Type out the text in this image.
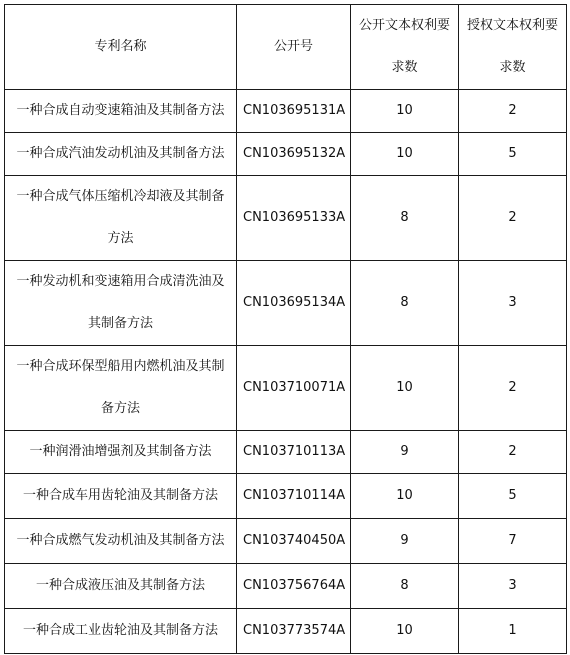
专利名称	公开号	公开文本权利要求数	授权文本权利要求数
一种合成自动变速箱油及其制备方法	CN103695131A	10	2
一种合成汽油发动机油及其制备方法	CN103695132A	10	5
一种合成气体压缩机冷却液及其制备方法	CN103695133A	8	2
一种发动机和变速箱用合成清洗油及其制备方法	CN103695134A	8	3
一种合成环保型船用内燃机油及其制备方法	CN103710071A	10	2
一种润滑油增强剂及其制备方法	CN103710113A	9	2
一种合成车用齿轮油及其制备方法	CN103710114A	10	5
一种合成燃气发动机油及其制备方法	CN103740450A	9	7
一种合成液压油及其制备方法	CN103756764A	8	3
一种合成工业齿轮油及其制备方法	CN103773574A	10	1
